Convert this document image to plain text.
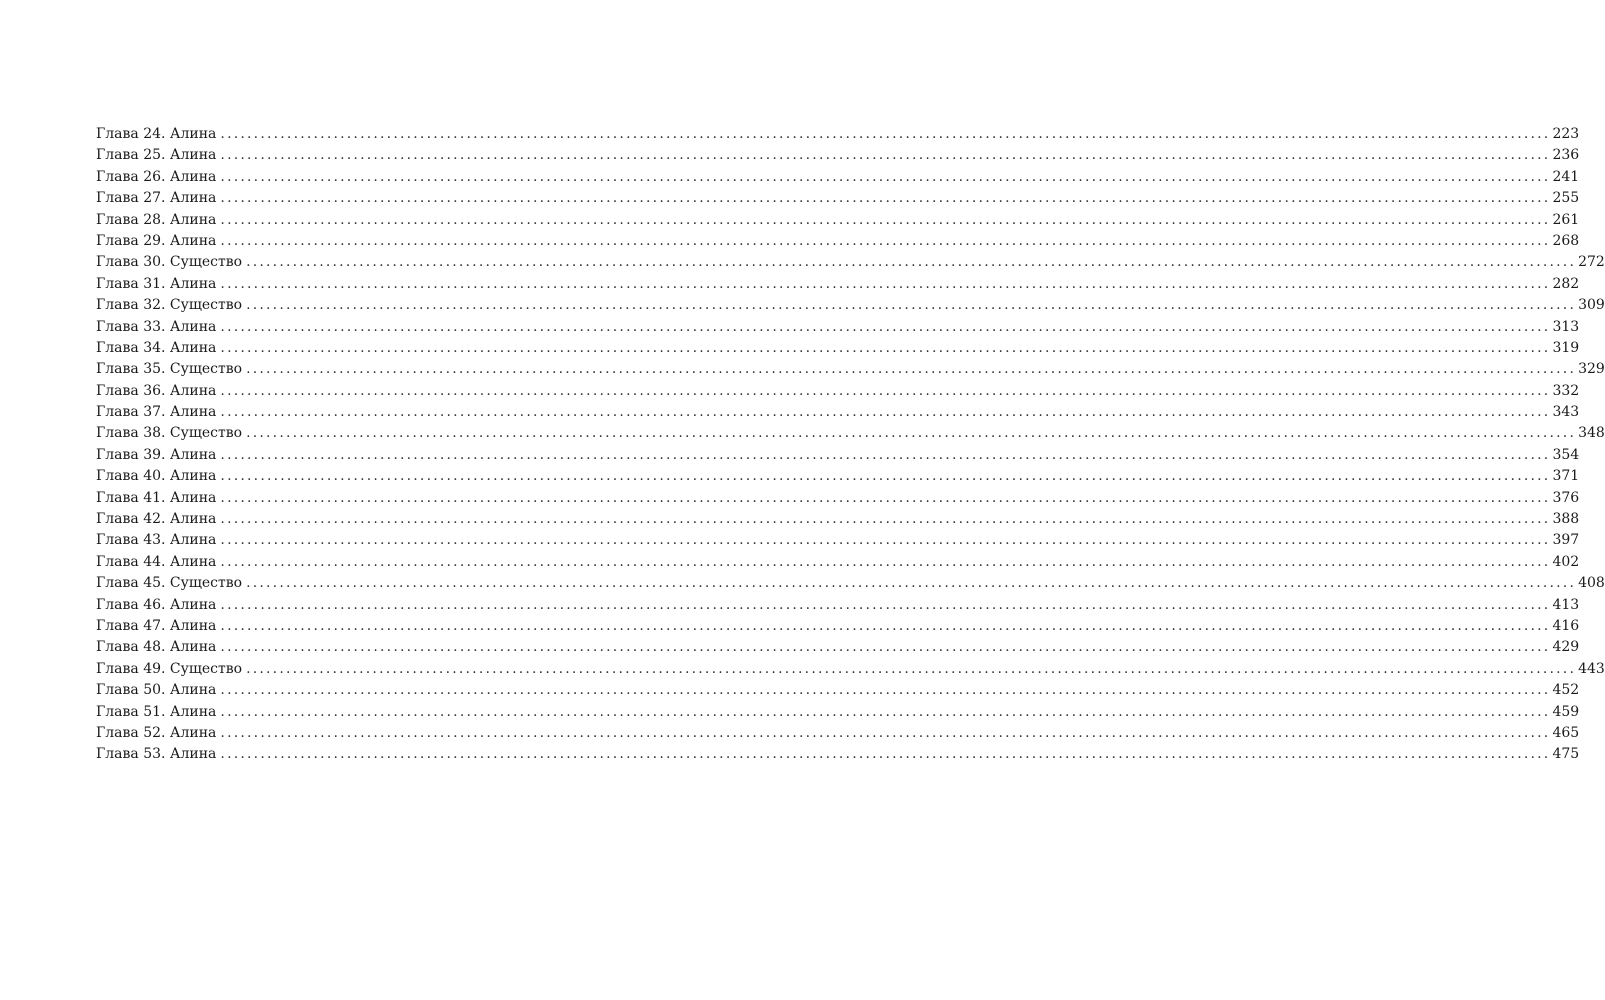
Глава 24. Алина ........................................................................................................................................................................................................ 223
Глава 25. Алина ........................................................................................................................................................................................................ 236
Глава 26. Алина ........................................................................................................................................................................................................ 241
Глава 27. Алина ........................................................................................................................................................................................................ 255
Глава 28. Алина ........................................................................................................................................................................................................ 261
Глава 29. Алина ........................................................................................................................................................................................................ 268
Глава 30. Существо ........................................................................................................................................................................................................ 272
Глава 31. Алина ........................................................................................................................................................................................................ 282
Глава 32. Существо ........................................................................................................................................................................................................ 309
Глава 33. Алина ........................................................................................................................................................................................................ 313
Глава 34. Алина ........................................................................................................................................................................................................ 319
Глава 35. Существо ........................................................................................................................................................................................................ 329
Глава 36. Алина ........................................................................................................................................................................................................ 332
Глава 37. Алина ........................................................................................................................................................................................................ 343
Глава 38. Существо ........................................................................................................................................................................................................ 348
Глава 39. Алина ........................................................................................................................................................................................................ 354
Глава 40. Алина ........................................................................................................................................................................................................ 371
Глава 41. Алина ........................................................................................................................................................................................................ 376
Глава 42. Алина ........................................................................................................................................................................................................ 388
Глава 43. Алина ........................................................................................................................................................................................................ 397
Глава 44. Алина ........................................................................................................................................................................................................ 402
Глава 45. Существо ........................................................................................................................................................................................................ 408
Глава 46. Алина ........................................................................................................................................................................................................ 413
Глава 47. Алина ........................................................................................................................................................................................................ 416
Глава 48. Алина ........................................................................................................................................................................................................ 429
Глава 49. Существо ........................................................................................................................................................................................................ 443
Глава 50. Алина ........................................................................................................................................................................................................ 452
Глава 51. Алина ........................................................................................................................................................................................................ 459
Глава 52. Алина ........................................................................................................................................................................................................ 465
Глава 53. Алина ........................................................................................................................................................................................................ 475
